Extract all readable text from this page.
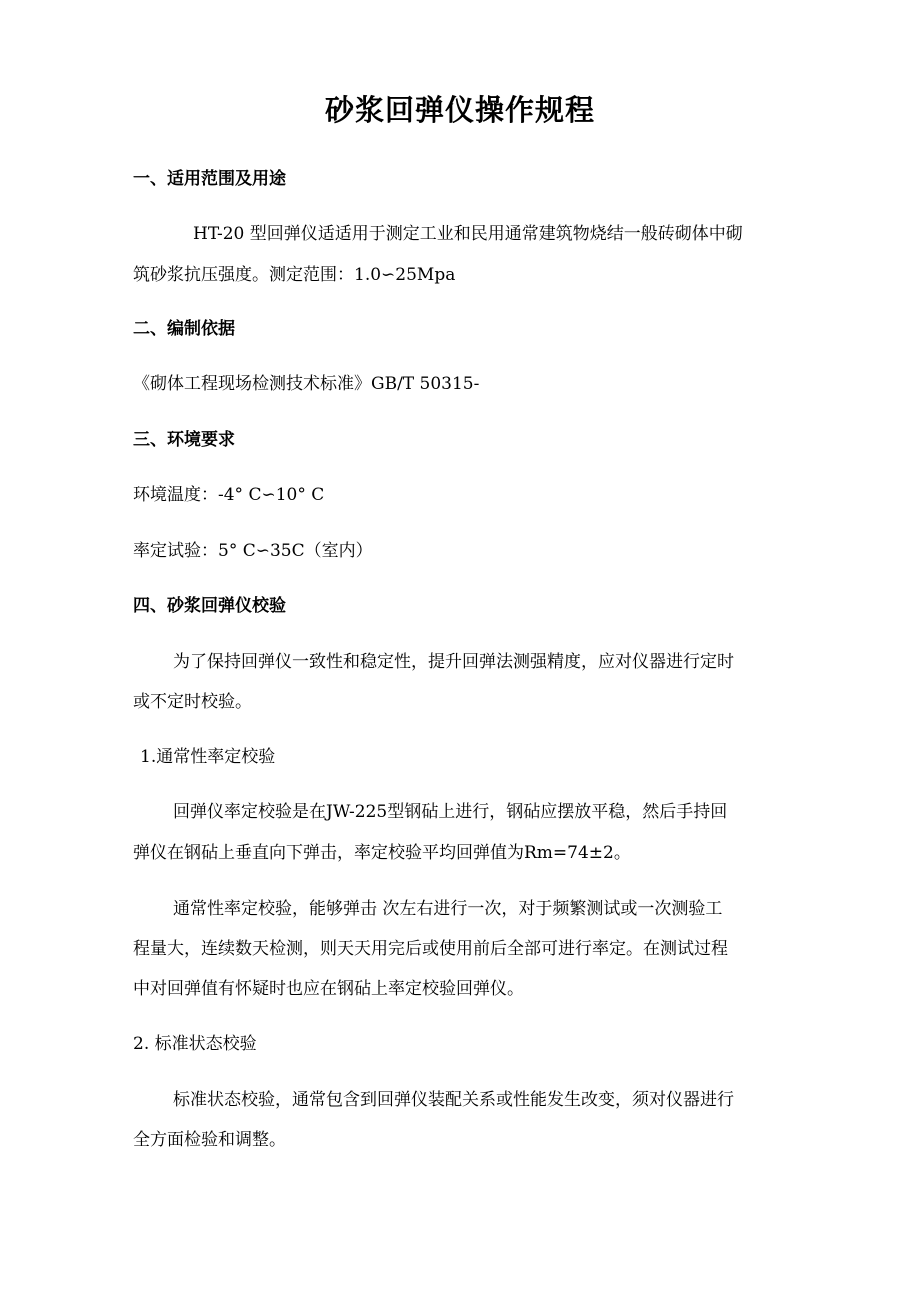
砂浆回弹仪操作规程
一、适用范围及用途
HT-20 型回弹仪适适用于测定工业和民用通常建筑物烧结一般砖砌体中砌
筑砂浆抗压强度。测定范围：1.0∽25Mpa
二、编制依据
《砌体工程现场检测技术标准》GB/T 50315-
三、环境要求
环境温度：-4° C∽10° C
率定试验：5° C∽35C（室内）
四、砂浆回弹仪校验
为了保持回弹仪一致性和稳定性，提升回弹法测强精度，应对仪器进行定时
或不定时校验。
1.通常性率定校验
回弹仪率定校验是在JW-225型钢砧上进行，钢砧应摆放平稳，然后手持回
弹仪在钢砧上垂直向下弹击，率定校验平均回弹值为Rm=74±2。
通常性率定校验，能够弹击 次左右进行一次，对于频繁测试或一次测验工
程量大，连续数天检测，则天天用完后或使用前后全部可进行率定。在测试过程
中对回弹值有怀疑时也应在钢砧上率定校验回弹仪。
2. 标准状态校验
标准状态校验，通常包含到回弹仪装配关系或性能发生改变，须对仪器进行
全方面检验和调整。
